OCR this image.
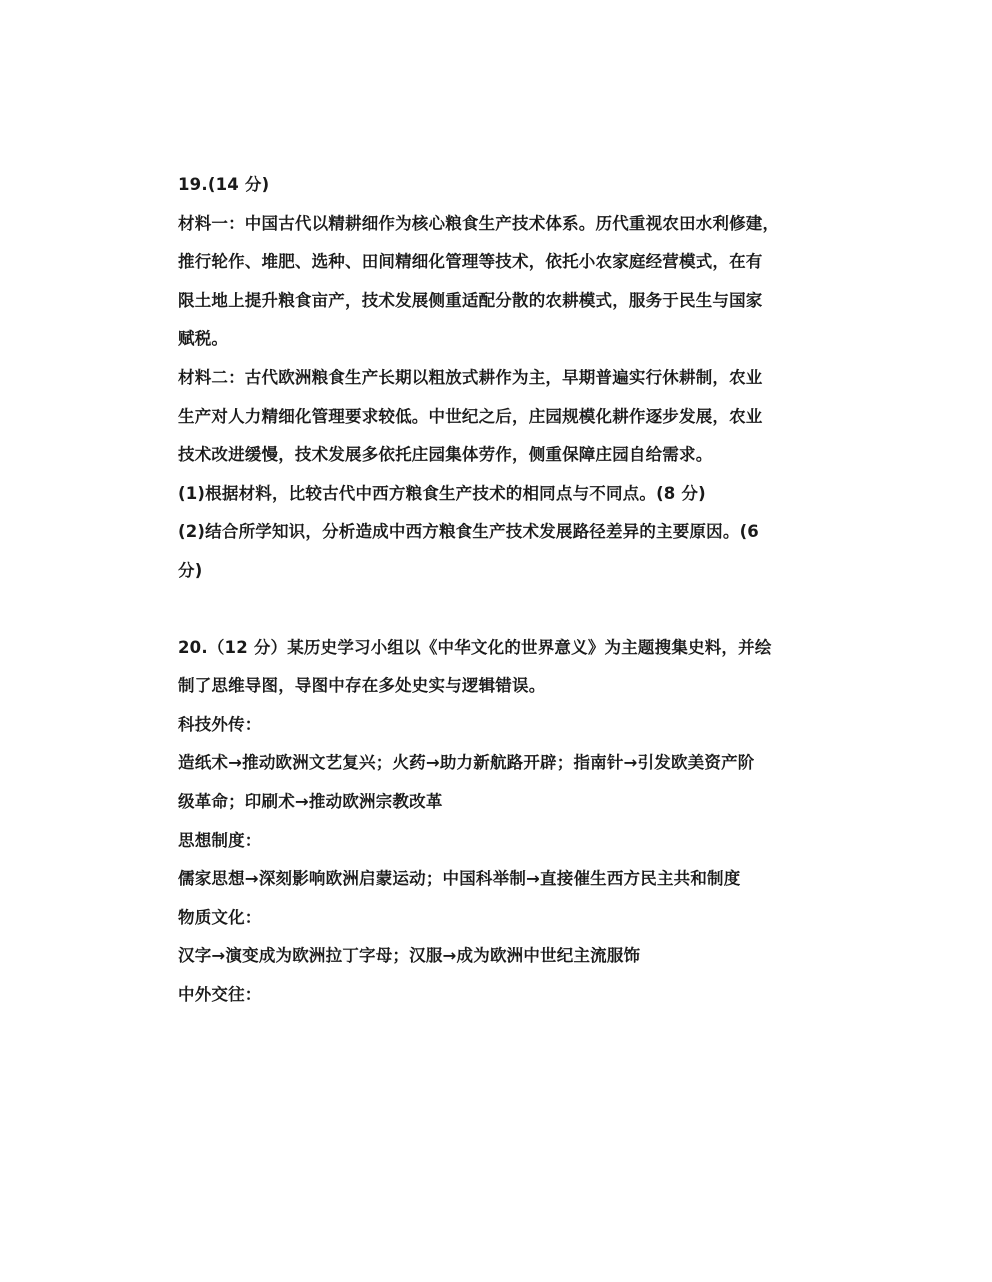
19.(14 分)
材料一：中国古代以精耕细作为核心粮食生产技术体系。历代重视农田水利修建，
推行轮作、堆肥、选种、田间精细化管理等技术，依托小农家庭经营模式，在有
限土地上提升粮食亩产，技术发展侧重适配分散的农耕模式，服务于民生与国家
赋税。
材料二：古代欧洲粮食生产长期以粗放式耕作为主，早期普遍实行休耕制，农业
生产对人力精细化管理要求较低。中世纪之后，庄园规模化耕作逐步发展，农业
技术改进缓慢，技术发展多依托庄园集体劳作，侧重保障庄园自给需求。
(1)根据材料，比较古代中西方粮食生产技术的相同点与不同点。(8 分)
(2)结合所学知识，分析造成中西方粮食生产技术发展路径差异的主要原因。(6
分)
20.（12 分）某历史学习小组以《中华文化的世界意义》为主题搜集史料，并绘
制了思维导图，导图中存在多处史实与逻辑错误。
科技外传：
造纸术→推动欧洲文艺复兴；火药→助力新航路开辟；指南针→引发欧美资产阶
级革命；印刷术→推动欧洲宗教改革
思想制度：
儒家思想→深刻影响欧洲启蒙运动；中国科举制→直接催生西方民主共和制度
物质文化：
汉字→演变成为欧洲拉丁字母；汉服→成为欧洲中世纪主流服饰
中外交往：
